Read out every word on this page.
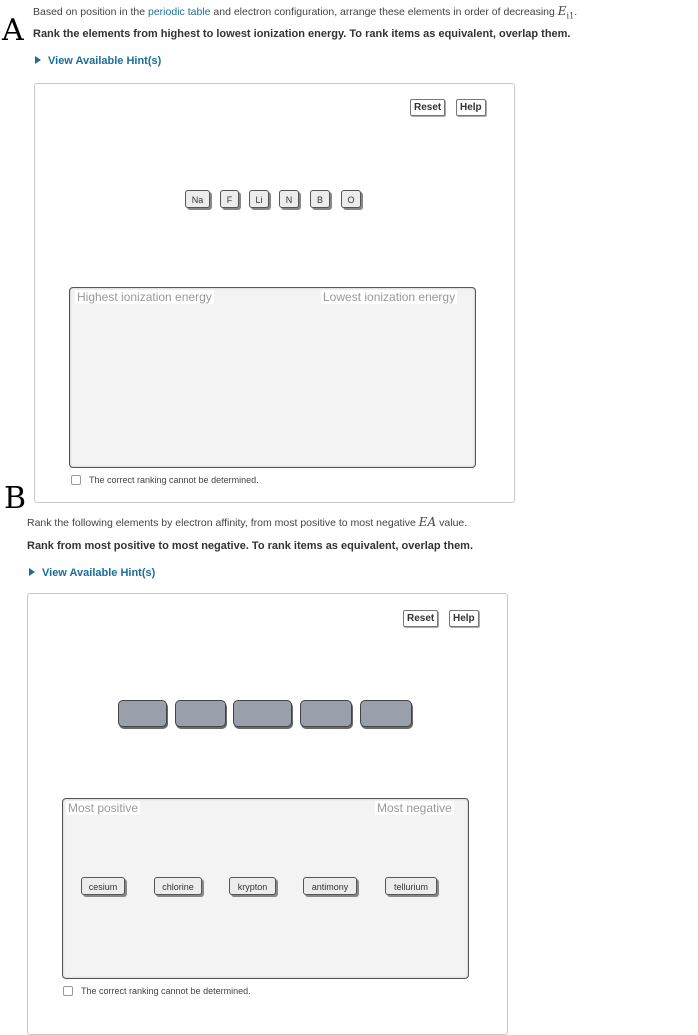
A
Based on position in the periodic table and electron configuration, arrange these elements in order of decreasing $E_{i1}$.
Rank the elements from highest to lowest ionization energy. To rank items as equivalent, overlap them.
View Available Hint(s)
Reset	Help
Na	F	Li	N	B	O
Highest ionization energy	Lowest ionization energy
The correct ranking cannot be determined.
B
Rank the following elements by electron affinity, from most positive to most negative EA value.
Rank from most positive to most negative. To rank items as equivalent, overlap them.
View Available Hint(s)
Reset	Help
Most positive	Most negative
cesium	chlorine	krypton	antimony	tellurium
The correct ranking cannot be determined.
